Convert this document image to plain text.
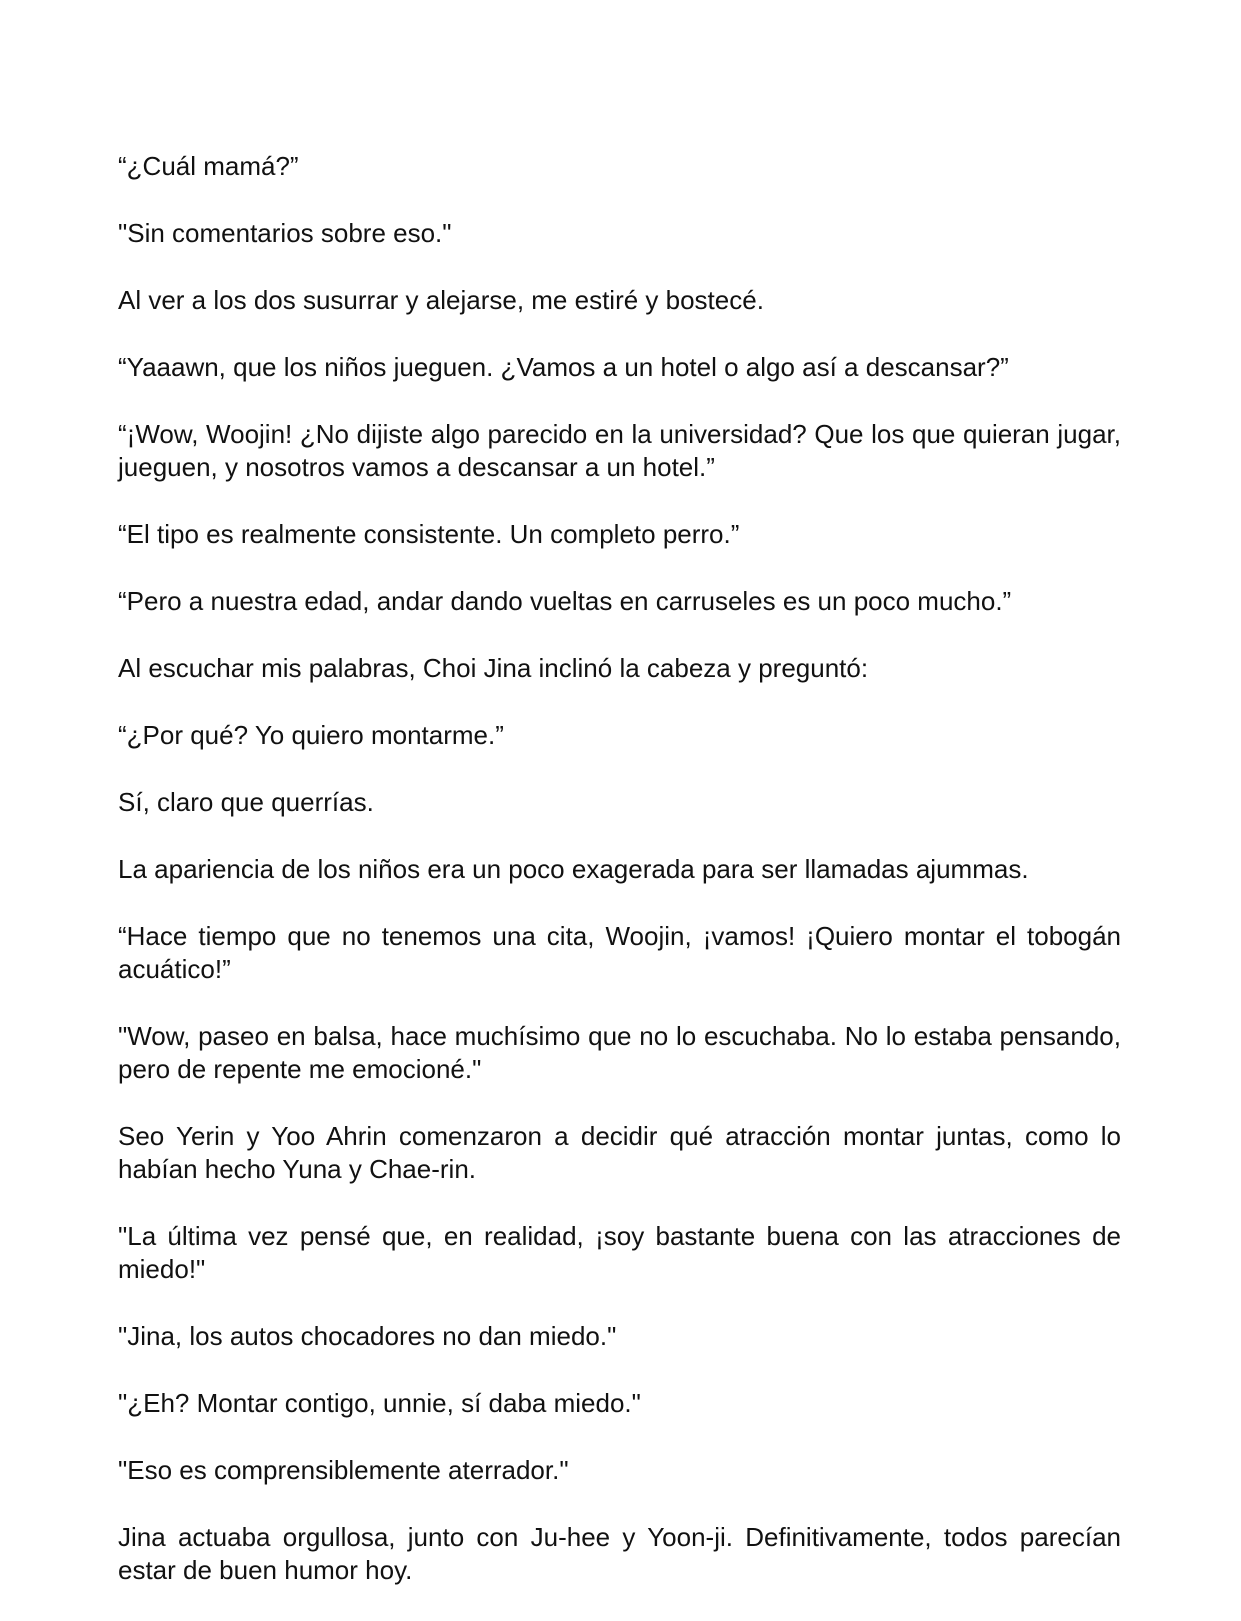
“¿Cuál mamá?”

"Sin comentarios sobre eso."

Al ver a los dos susurrar y alejarse, me estiré y bostecé.

“Yaaawn, que los niños jueguen. ¿Vamos a un hotel o algo así a descansar?”

“¡Wow, Woojin! ¿No dijiste algo parecido en la universidad? Que los que quieran jugar, jueguen, y nosotros vamos a descansar a un hotel.”

“El tipo es realmente consistente. Un completo perro.”

“Pero a nuestra edad, andar dando vueltas en carruseles es un poco mucho.”

Al escuchar mis palabras, Choi Jina inclinó la cabeza y preguntó:

“¿Por qué? Yo quiero montarme.”

Sí, claro que querrías.

La apariencia de los niños era un poco exagerada para ser llamadas ajummas.

“Hace tiempo que no tenemos una cita, Woojin, ¡vamos! ¡Quiero montar el tobogán acuático!”

"Wow, paseo en balsa, hace muchísimo que no lo escuchaba. No lo estaba pensando, pero de repente me emocioné."

Seo Yerin y Yoo Ahrin comenzaron a decidir qué atracción montar juntas, como lo habían hecho Yuna y Chae-rin.

"La última vez pensé que, en realidad, ¡soy bastante buena con las atracciones de miedo!"

"Jina, los autos chocadores no dan miedo."

"¿Eh? Montar contigo, unnie, sí daba miedo."

"Eso es comprensiblemente aterrador."

Jina actuaba orgullosa, junto con Ju-hee y Yoon-ji. Definitivamente, todos parecían estar de buen humor hoy.
